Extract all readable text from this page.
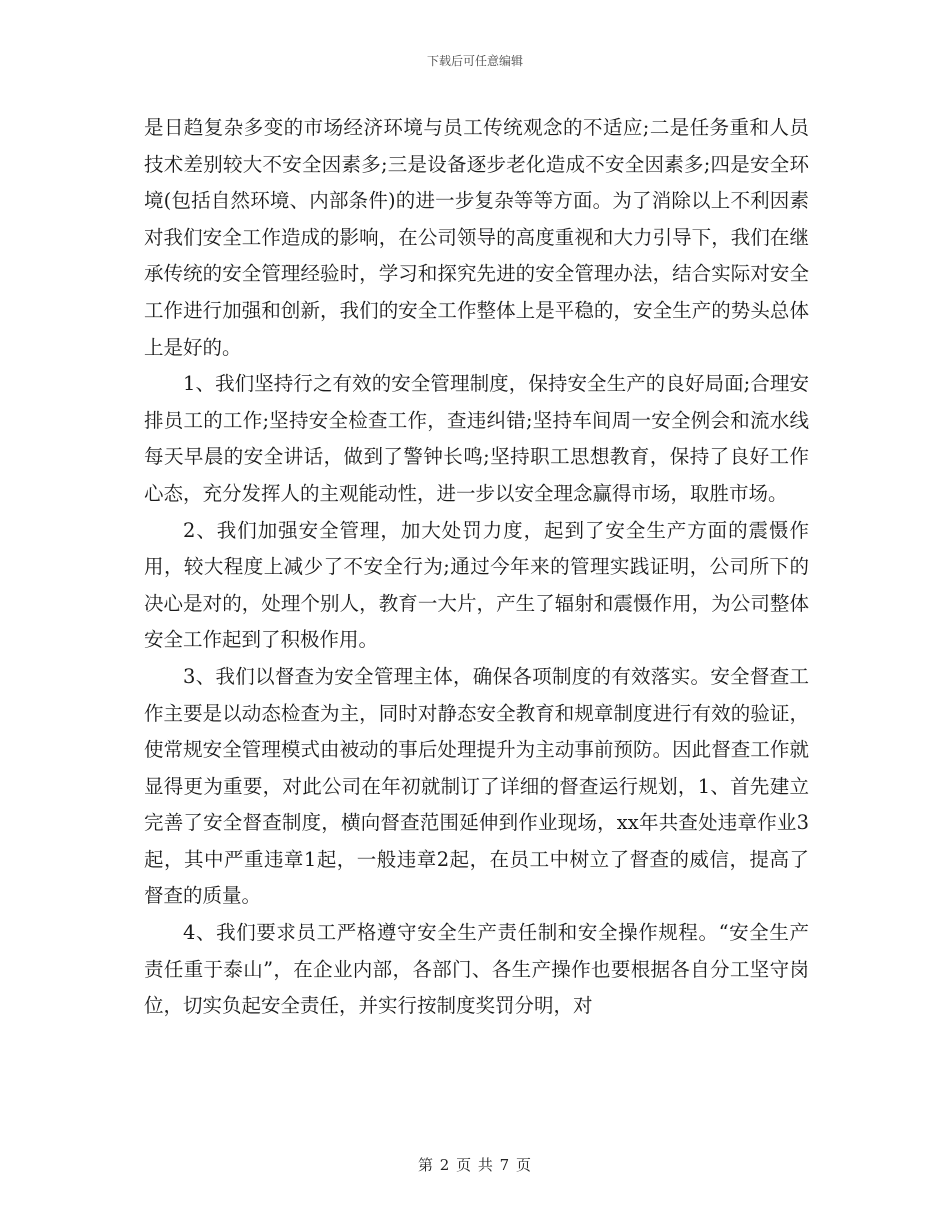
下载后可任意编辑

是日趋复杂多变的市场经济环境与员工传统观念的不适应;二是任务重和人员技术差别较大不安全因素多;三是设备逐步老化造成不安全因素多;四是安全环境(包括自然环境、内部条件)的进一步复杂等等方面。为了消除以上不利因素对我们安全工作造成的影响，在公司领导的高度重视和大力引导下，我们在继承传统的安全管理经验时，学习和探究先进的安全管理办法，结合实际对安全工作进行加强和创新，我们的安全工作整体上是平稳的，安全生产的势头总体上是好的。

1、我们坚持行之有效的安全管理制度，保持安全生产的良好局面;合理安排员工的工作;坚持安全检查工作，查违纠错;坚持车间周一安全例会和流水线每天早晨的安全讲话，做到了警钟长鸣;坚持职工思想教育，保持了良好工作心态，充分发挥人的主观能动性，进一步以安全理念赢得市场，取胜市场。

2、我们加强安全管理，加大处罚力度，起到了安全生产方面的震慑作用，较大程度上减少了不安全行为;通过今年来的管理实践证明，公司所下的决心是对的，处理个别人，教育一大片，产生了辐射和震慑作用，为公司整体安全工作起到了积极作用。

3、我们以督查为安全管理主体，确保各项制度的有效落实。安全督查工作主要是以动态检查为主，同时对静态安全教育和规章制度进行有效的验证，使常规安全管理模式由被动的事后处理提升为主动事前预防。因此督查工作就显得更为重要，对此公司在年初就制订了详细的督查运行规划，1、首先建立完善了安全督查制度，横向督查范围延伸到作业现场，xx年共查处违章作业3起，其中严重违章1起，一般违章2起，在员工中树立了督查的威信，提高了督查的质量。

4、我们要求员工严格遵守安全生产责任制和安全操作规程。“安全生产责任重于泰山”，在企业内部，各部门、各生产操作也要根据各自分工坚守岗位，切实负起安全责任，并实行按制度奖罚分明，对

第 2 页 共 7 页
